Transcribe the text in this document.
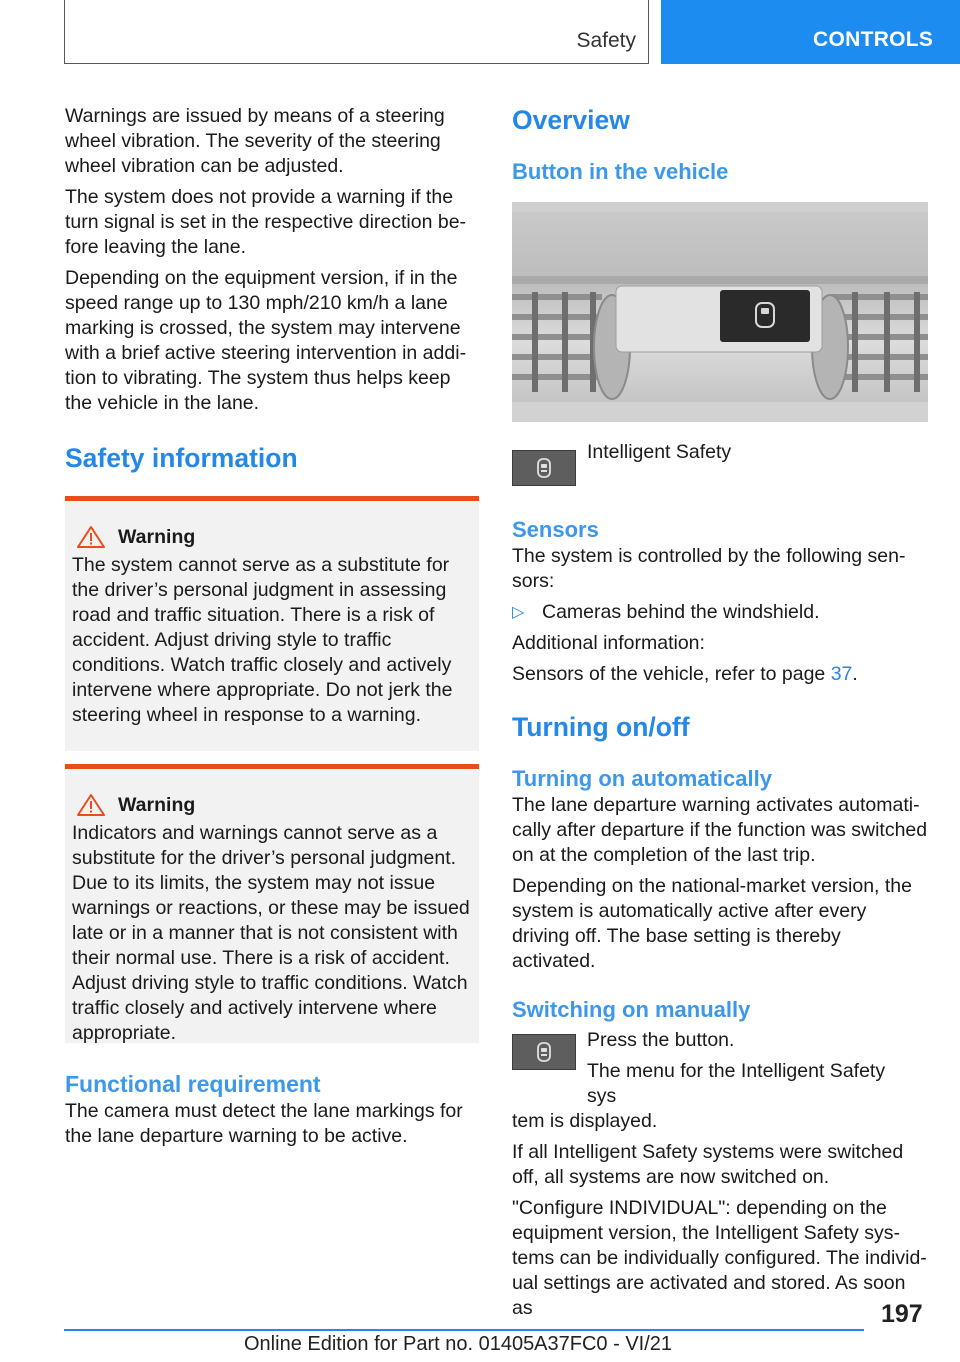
Safety	CONTROLS

Warnings are issued by means of a steering wheel vibration. The severity of the steering wheel vibration can be adjusted.

The system does not provide a warning if the turn signal is set in the respective direction before leaving the lane.

Depending on the equipment version, if in the speed range up to 130 mph/210 km/h a lane marking is crossed, the system may intervene with a brief active steering intervention in addition to vibrating. The system thus helps keep the vehicle in the lane.

Safety information
Warning

The system cannot serve as a substitute for the driver’s personal judgment in assessing road and traffic situation. There is a risk of accident. Adjust driving style to traffic conditions. Watch traffic closely and actively intervene where appropriate. Do not jerk the steering wheel in response to a warning.

Warning

Indicators and warnings cannot serve as a substitute for the driver’s personal judgment. Due to its limits, the system may not issue warnings or reactions, or these may be issued late or in a manner that is not consistent with their normal use. There is a risk of accident. Adjust driving style to traffic conditions. Watch traffic closely and actively intervene where appropriate.

Functional requirement

The camera must detect the lane markings for the lane departure warning to be active.

Overview
Button in the vehicle

Intelligent Safety

Sensors

The system is controlled by the following sensors:

▷ Cameras behind the windshield.

Additional information:

Sensors of the vehicle, refer to page 37.

Turning on/off
Turning on automatically

The lane departure warning activates automatically after departure if the function was switched on at the completion of the last trip.

Depending on the national-market version, the system is automatically active after every driving off. The base setting is thereby activated.

Switching on manually

Press the button.

The menu for the Intelligent Safety sys

tem is displayed.

If all Intelligent Safety systems were switched off, all systems are now switched on.

"Configure INDIVIDUAL": depending on the equipment version, the Intelligent Safety systems can be individually configured. The individual settings are activated and stored. As soon as	197
Online Edition for Part no. 01405A37FC0 - VI/21
